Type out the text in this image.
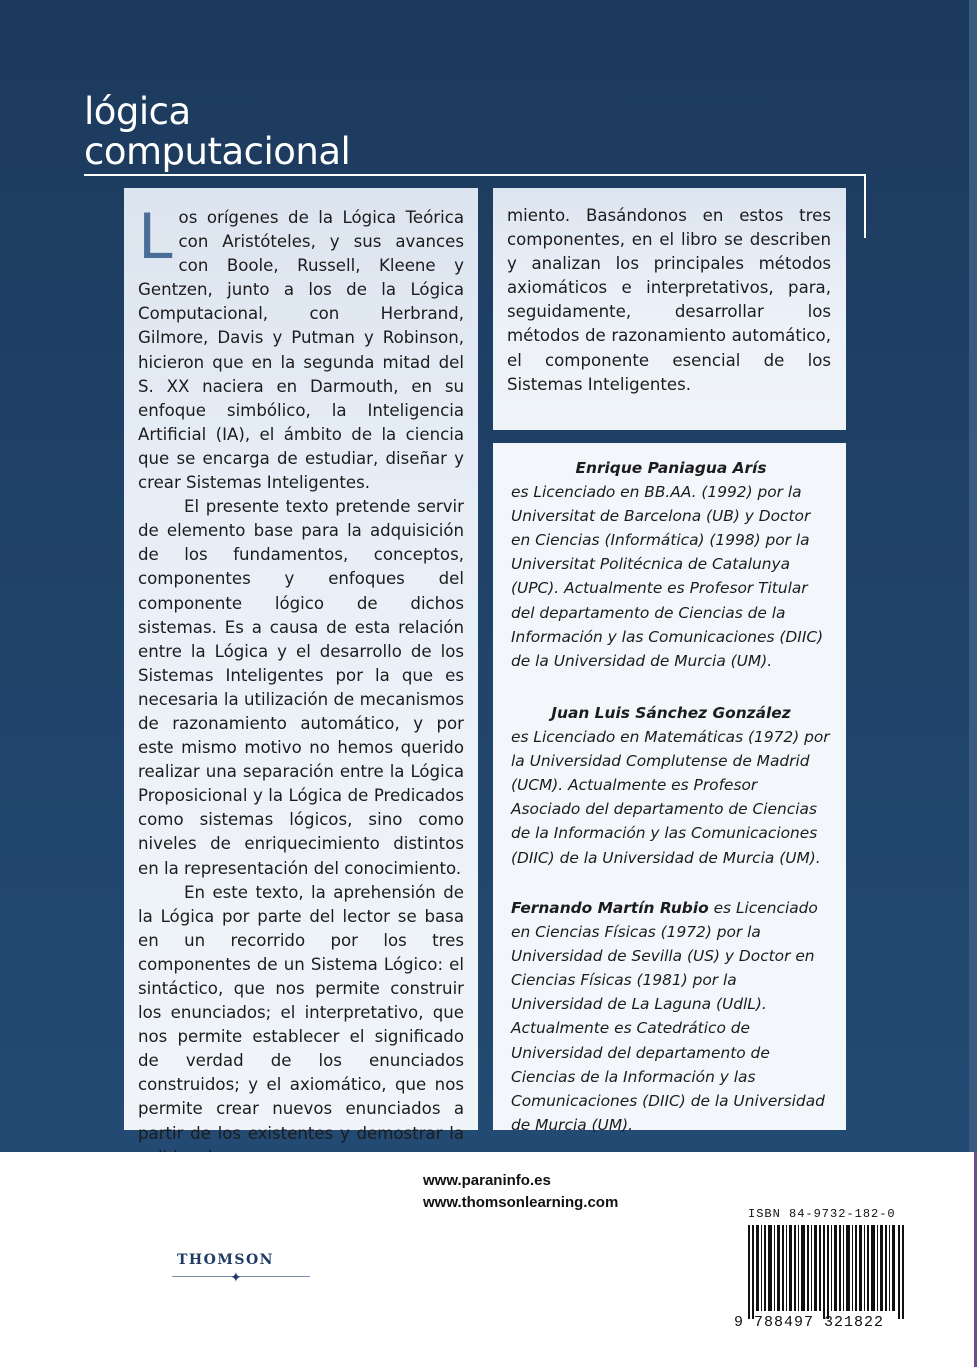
lógica
computacional

Los orígenes de la Lógica Teórica con Aristóteles, y sus avances con Boole, Russell, Kleene y Gentzen, junto a los de la Lógica Computacional, con Herbrand, Gilmore, Davis y Putman y Robinson, hicieron que en la segunda mitad del S. XX naciera en Darmouth, en su enfoque simbólico, la Inteligencia Artificial (IA), el ámbito de la ciencia que se encarga de estudiar, diseñar y crear Sistemas Inteligentes.

El presente texto pretende servir de elemento base para la adquisición de los fundamentos, conceptos, componentes y enfoques del componente lógico de dichos sistemas. Es a causa de esta relación entre la Lógica y el desarrollo de los Sistemas Inteligentes por la que es necesaria la utilización de mecanismos de razonamiento automático, y por este mismo motivo no hemos querido realizar una separación entre la Lógica Proposicional y la Lógica de Predicados como sistemas lógicos, sino como niveles de enriquecimiento distintos en la representación del conocimiento.

En este texto, la aprehensión de la Lógica por parte del lector se basa en un recorrido por los tres componentes de un Sistema Lógico: el sintáctico, que nos permite construir los enunciados; el interpretativo, que nos permite establecer el significado de verdad de los enunciados construidos; y el axiomático, que nos permite crear nuevos enunciados a partir de los existentes y demostrar la

miento. Basándonos en estos tres componentes, en el libro se describen y analizan los principales métodos axiomáticos e interpretativos, para, seguidamente, desarrollar los métodos de razonamiento automático, el componente esencial de los Sistemas Inteligentes.
Enrique Paniagua Arís
es Licenciado en BB.AA. (1992) por la Universitat de Barcelona (UB) y Doctor en Ciencias (Informática) (1998) por la Universitat Politécnica de Catalunya (UPC). Actualmente es Profesor Titular del departamento de Ciencias de la Información y las Comunicaciones (DIIC) de la Universidad de Murcia (UM).
Juan Luis Sánchez González
es Licenciado en Matemáticas (1972) por la Universidad Complutense de Madrid (UCM). Actualmente es Profesor Asociado del departamento de Ciencias de la Información y las Comunicaciones (DIIC) de la Universidad de Murcia (UM).
Fernando Martín Rubio es Licenciado en Ciencias Físicas (1972) por la Universidad de Sevilla (US) y Doctor en Ciencias Físicas (1981) por la Universidad de La Laguna (UdlL). Actualmente es Catedrático de Universidad del departamento de Ciencias de la Información y las Comunicaciones (DIIC) de la Universidad de Murcia (UM).
www.paraninfo.es
www.thomsonlearning.com
THOMSON
✦
ISBN 84-9732-182-0
9 788497 321822
